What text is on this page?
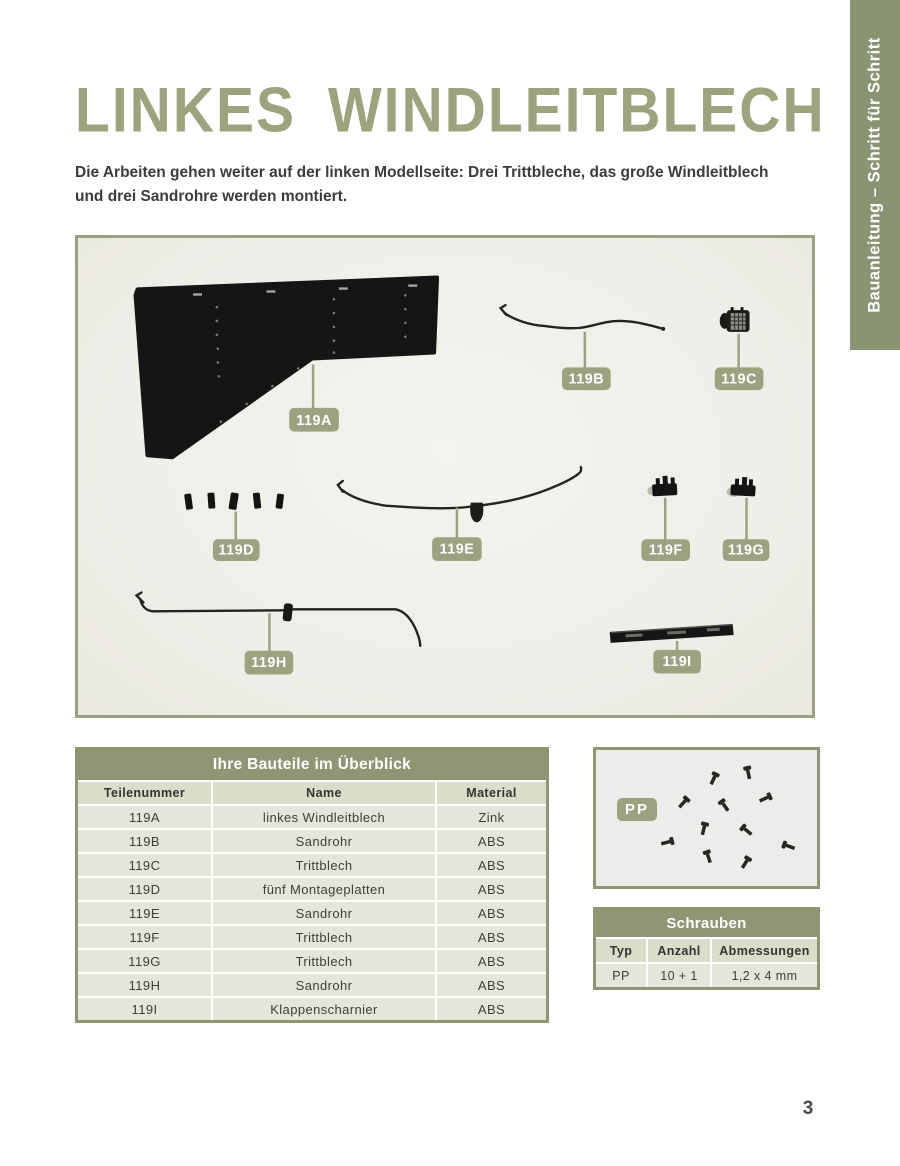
Bauanleitung – Schritt für Schritt
LINKES WINDLEITBLECH

Die Arbeiten gehen weiter auf der linken Modellseite: Drei Trittbleche, das große Windleitblech und drei Sandrohre werden montiert.

119A
119B	119C
119D	119E	119F	119G
119H	119I
Ihre Bauteile im Überblick
Teilenummer	Name	Material
119A	linkes Windleitblech	Zink
119B	Sandrohr	ABS
119C	Trittblech	ABS
119D	fünf Montageplatten	ABS
119E	Sandrohr	ABS
119F	Trittblech	ABS
119G	Trittblech	ABS
119H	Sandrohr	ABS
119I	Klappenscharnier	ABS
PP
Schrauben
Typ	Anzahl	Abmessungen
PP	10 + 1	1,2 x 4 mm
3
